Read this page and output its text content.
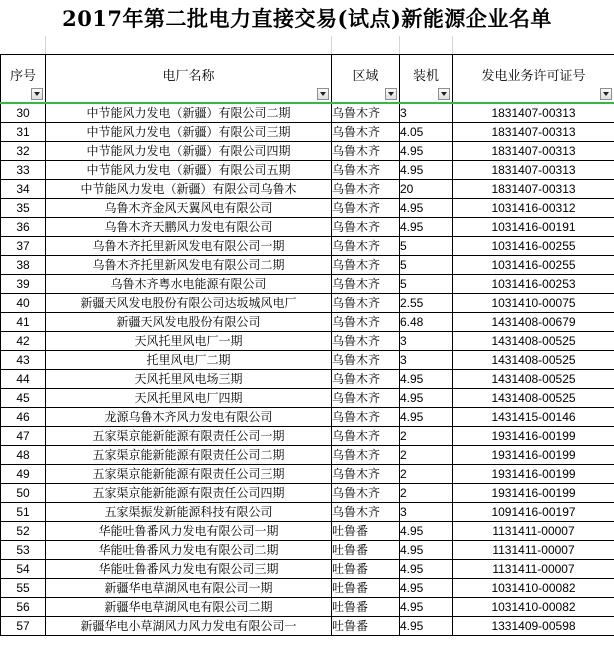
2017年第二批电力直接交易(试点)新能源企业名单
序号	电厂名称	区域	装机	发电业务许可证号

30	中节能风力发电（新疆）有限公司二期	乌鲁木齐	3	1831407-00313
31	中节能风力发电（新疆）有限公司三期	乌鲁木齐	4.05	1831407-00313
32	中节能风力发电（新疆）有限公司四期	乌鲁木齐	4.95	1831407-00313
33	中节能风力发电（新疆）有限公司五期	乌鲁木齐	4.95	1831407-00313
34	中节能风力发电（新疆）有限公司乌鲁木	乌鲁木齐	20	1831407-00313
35	乌鲁木齐金风天翼风电有限公司	乌鲁木齐	4.95	1031416-00312
36	乌鲁木齐天鹏风力发电有限公司	乌鲁木齐	4.95	1031416-00191
37	乌鲁木齐托里新风发电有限公司一期	乌鲁木齐	5	1031416-00255
38	乌鲁木齐托里新风发电有限公司二期	乌鲁木齐	5	1031416-00255
39	乌鲁木齐粤水电能源有限公司	乌鲁木齐	5	1031416-00253
40	新疆天风发电股份有限公司达坂城风电厂	乌鲁木齐	2.55	1031410-00075
41	新疆天风发电股份有限公司	乌鲁木齐	6.48	1431408-00679
42	天风托里风电厂一期	乌鲁木齐	3	1431408-00525
43	托里风电厂二期	乌鲁木齐	3	1431408-00525
44	天风托里风电场三期	乌鲁木齐	4.95	1431408-00525
45	天风托里风电厂四期	乌鲁木齐	4.95	1431408-00525
46	龙源乌鲁木齐风力发电有限公司	乌鲁木齐	4.95	1431415-00146
47	五家渠京能新能源有限责任公司一期	乌鲁木齐	2	1931416-00199
48	五家渠京能新能源有限责任公司二期	乌鲁木齐	2	1931416-00199
49	五家渠京能新能源有限责任公司三期	乌鲁木齐	2	1931416-00199
50	五家渠京能新能源有限责任公司四期	乌鲁木齐	2	1931416-00199
51	五家渠振发新能源科技有限公司	乌鲁木齐	3	1091416-00197
52	华能吐鲁番风力发电有限公司一期	吐鲁番	4.95	1131411-00007
53	华能吐鲁番风力发电有限公司二期	吐鲁番	4.95	1131411-00007
54	华能吐鲁番风力发电有限公司三期	吐鲁番	4.95	1131411-00007
55	新疆华电草湖风电有限公司一期	吐鲁番	4.95	1031410-00082
56	新疆华电草湖风电有限公司二期	吐鲁番	4.95	1031410-00082
57	新疆华电小草湖风力风力发电有限公司一	吐鲁番	4.95	1331409-00598
